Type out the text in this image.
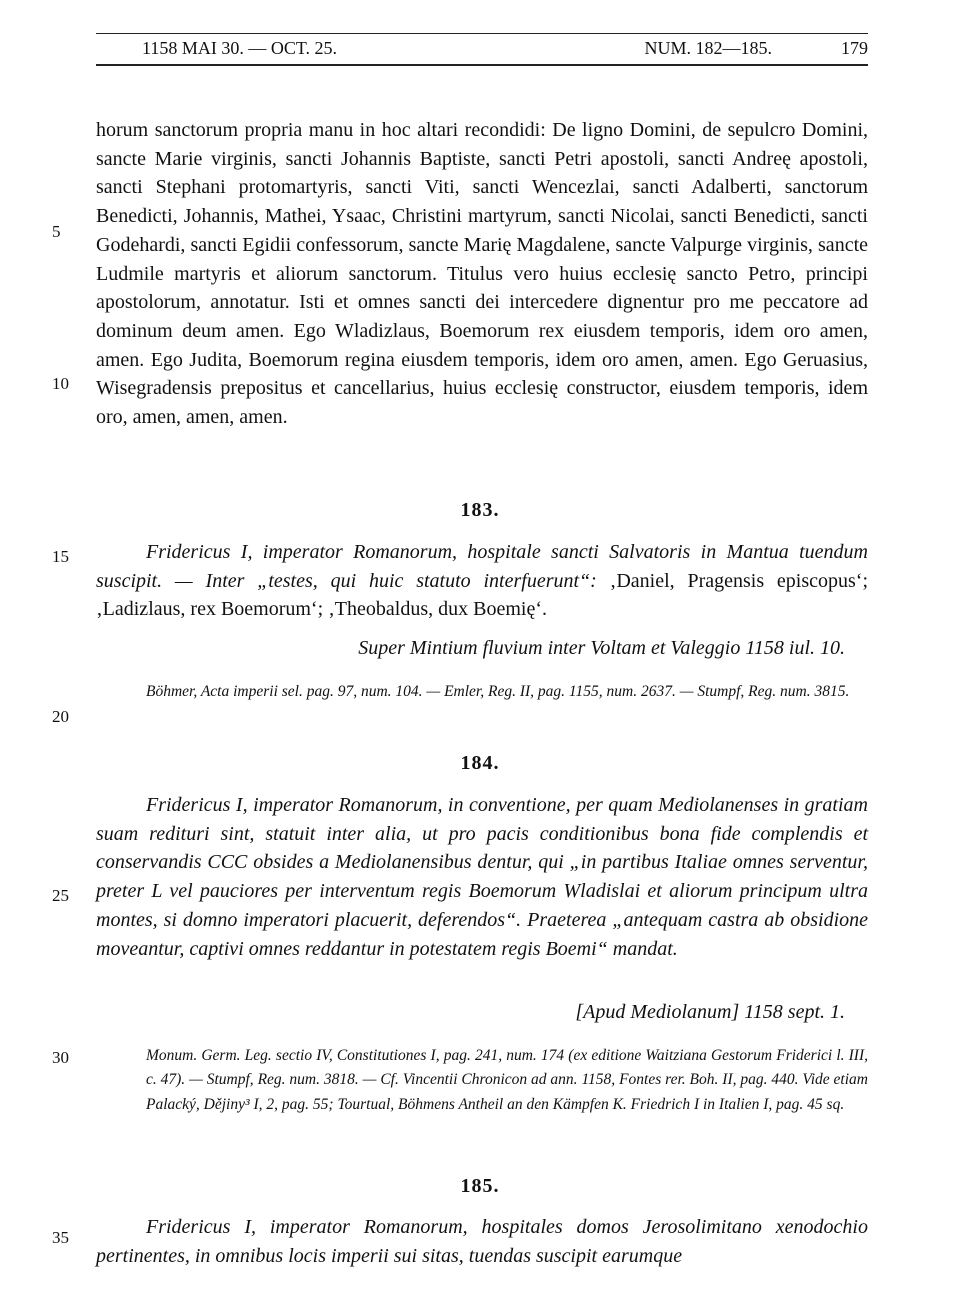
1158 MAI 30. — OCT. 25.	NUM. 182—185.	179
5
10
15
20
25
30
35
horum sanctorum propria manu in hoc altari recondidi: De ligno Domini, de sepulcro Domini, sancte Marie virginis, sancti Johannis Baptiste, sancti Petri apostoli, sancti Andreę apostoli, sancti Stephani protomartyris, sancti Viti, sancti Wencezlai, sancti Adalberti, sanctorum Benedicti, Johannis, Mathei, Ysaac, Christini martyrum, sancti Nicolai, sancti Benedicti, sancti Godehardi, sancti Egidii confessorum, sancte Marię Magdalene, sancte Valpurge virginis, sancte Ludmile martyris et aliorum sanctorum. Titulus vero huius ecclesię sancto Petro, principi apostolorum, annotatur. Isti et omnes sancti dei intercedere dignentur pro me peccatore ad dominum deum amen. Ego Wladizlaus, Boemorum rex eiusdem temporis, idem oro amen, amen. Ego Judita, Boemorum regina eiusdem temporis, idem oro amen, amen. Ego Geruasius, Wisegradensis prepositus et cancellarius, huius ecclesię constructor, eiusdem temporis, idem oro, amen, amen, amen.
183.
Fridericus I, imperator Romanorum, hospitale sancti Salvatoris in Mantua tuendum suscipit. — Inter „testes, qui huic statuto interfuerunt“: ‚Daniel, Pragensis episcopus‘; ‚Ladizlaus, rex Boemorum‘; ‚Theobaldus, dux Boemię‘.
Super Mintium fluvium inter Voltam et Valeggio 1158 iul. 10.
Böhmer, Acta imperii sel. pag. 97, num. 104. — Emler, Reg. II, pag. 1155, num. 2637. — Stumpf, Reg. num. 3815.
184.
Fridericus I, imperator Romanorum, in conventione, per quam Mediolanenses in gratiam suam redituri sint, statuit inter alia, ut pro pacis conditionibus bona fide complendis et conservandis CCC obsides a Mediolanensibus dentur, qui „in partibus Italiae omnes serventur, preter L vel pauciores per interventum regis Boemorum Wladislai et aliorum principum ultra montes, si domno imperatori placuerit, deferendos“. Praeterea „antequam castra ab obsidione moveantur, captivi omnes reddantur in potestatem regis Boemi“ mandat.
[Apud Mediolanum] 1158 sept. 1.
Monum. Germ. Leg. sectio IV, Constitutiones I, pag. 241, num. 174 (ex editione Waitziana Gestorum Friderici l. III, c. 47). — Stumpf, Reg. num. 3818. — Cf. Vincentii Chronicon ad ann. 1158, Fontes rer. Boh. II, pag. 440. Vide etiam Palacký, Dějiny³ I, 2, pag. 55; Tourtual, Böhmens Antheil an den Kämpfen K. Friedrich I in Italien I, pag. 45 sq.
185.
Fridericus I, imperator Romanorum, hospitales domos Jerosolimitano xenodochio pertinentes, in omnibus locis imperii sui sitas, tuendas suscipit earumque
